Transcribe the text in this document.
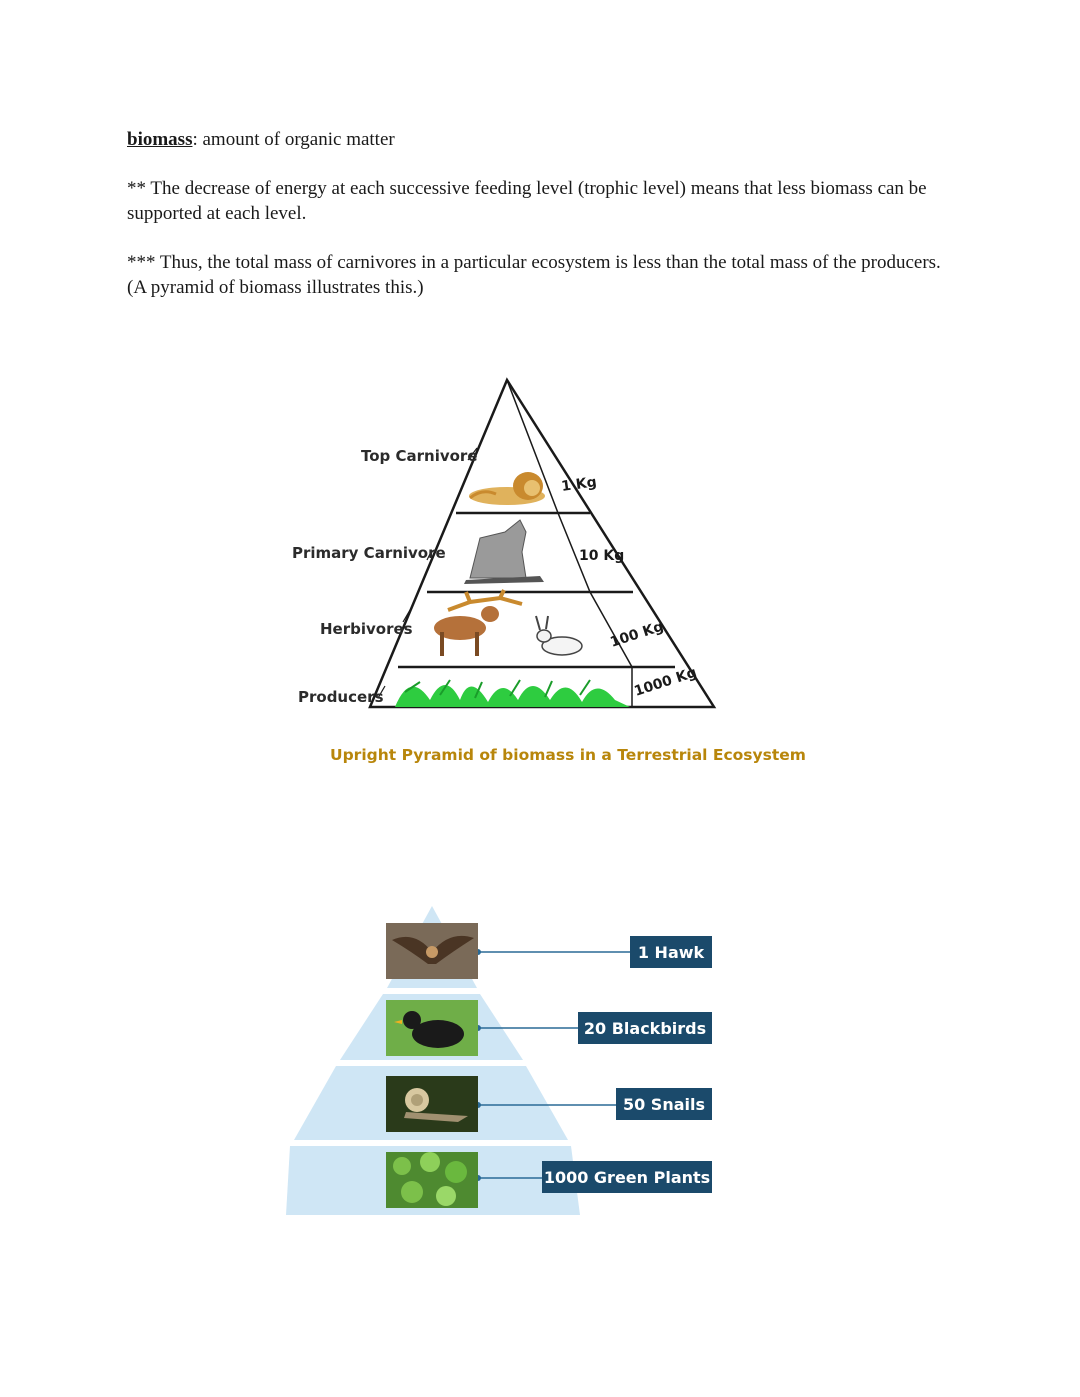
biomass: amount of organic matter
** The decrease of energy at each successive feeding level (trophic level) means that less biomass can be supported at each level.
*** Thus, the total mass of carnivores in a particular ecosystem is less than the total mass of the producers. (A pyramid of biomass illustrates this.)
Top Carnivore
Primary Carnivore
Herbivores
Producers
1 Kg
10 Kg
100 Kg
1000 Kg
Upright Pyramid of biomass in a Terrestrial Ecosystem
1 Hawk
20 Blackbirds
50 Snails
1000 Green Plants
